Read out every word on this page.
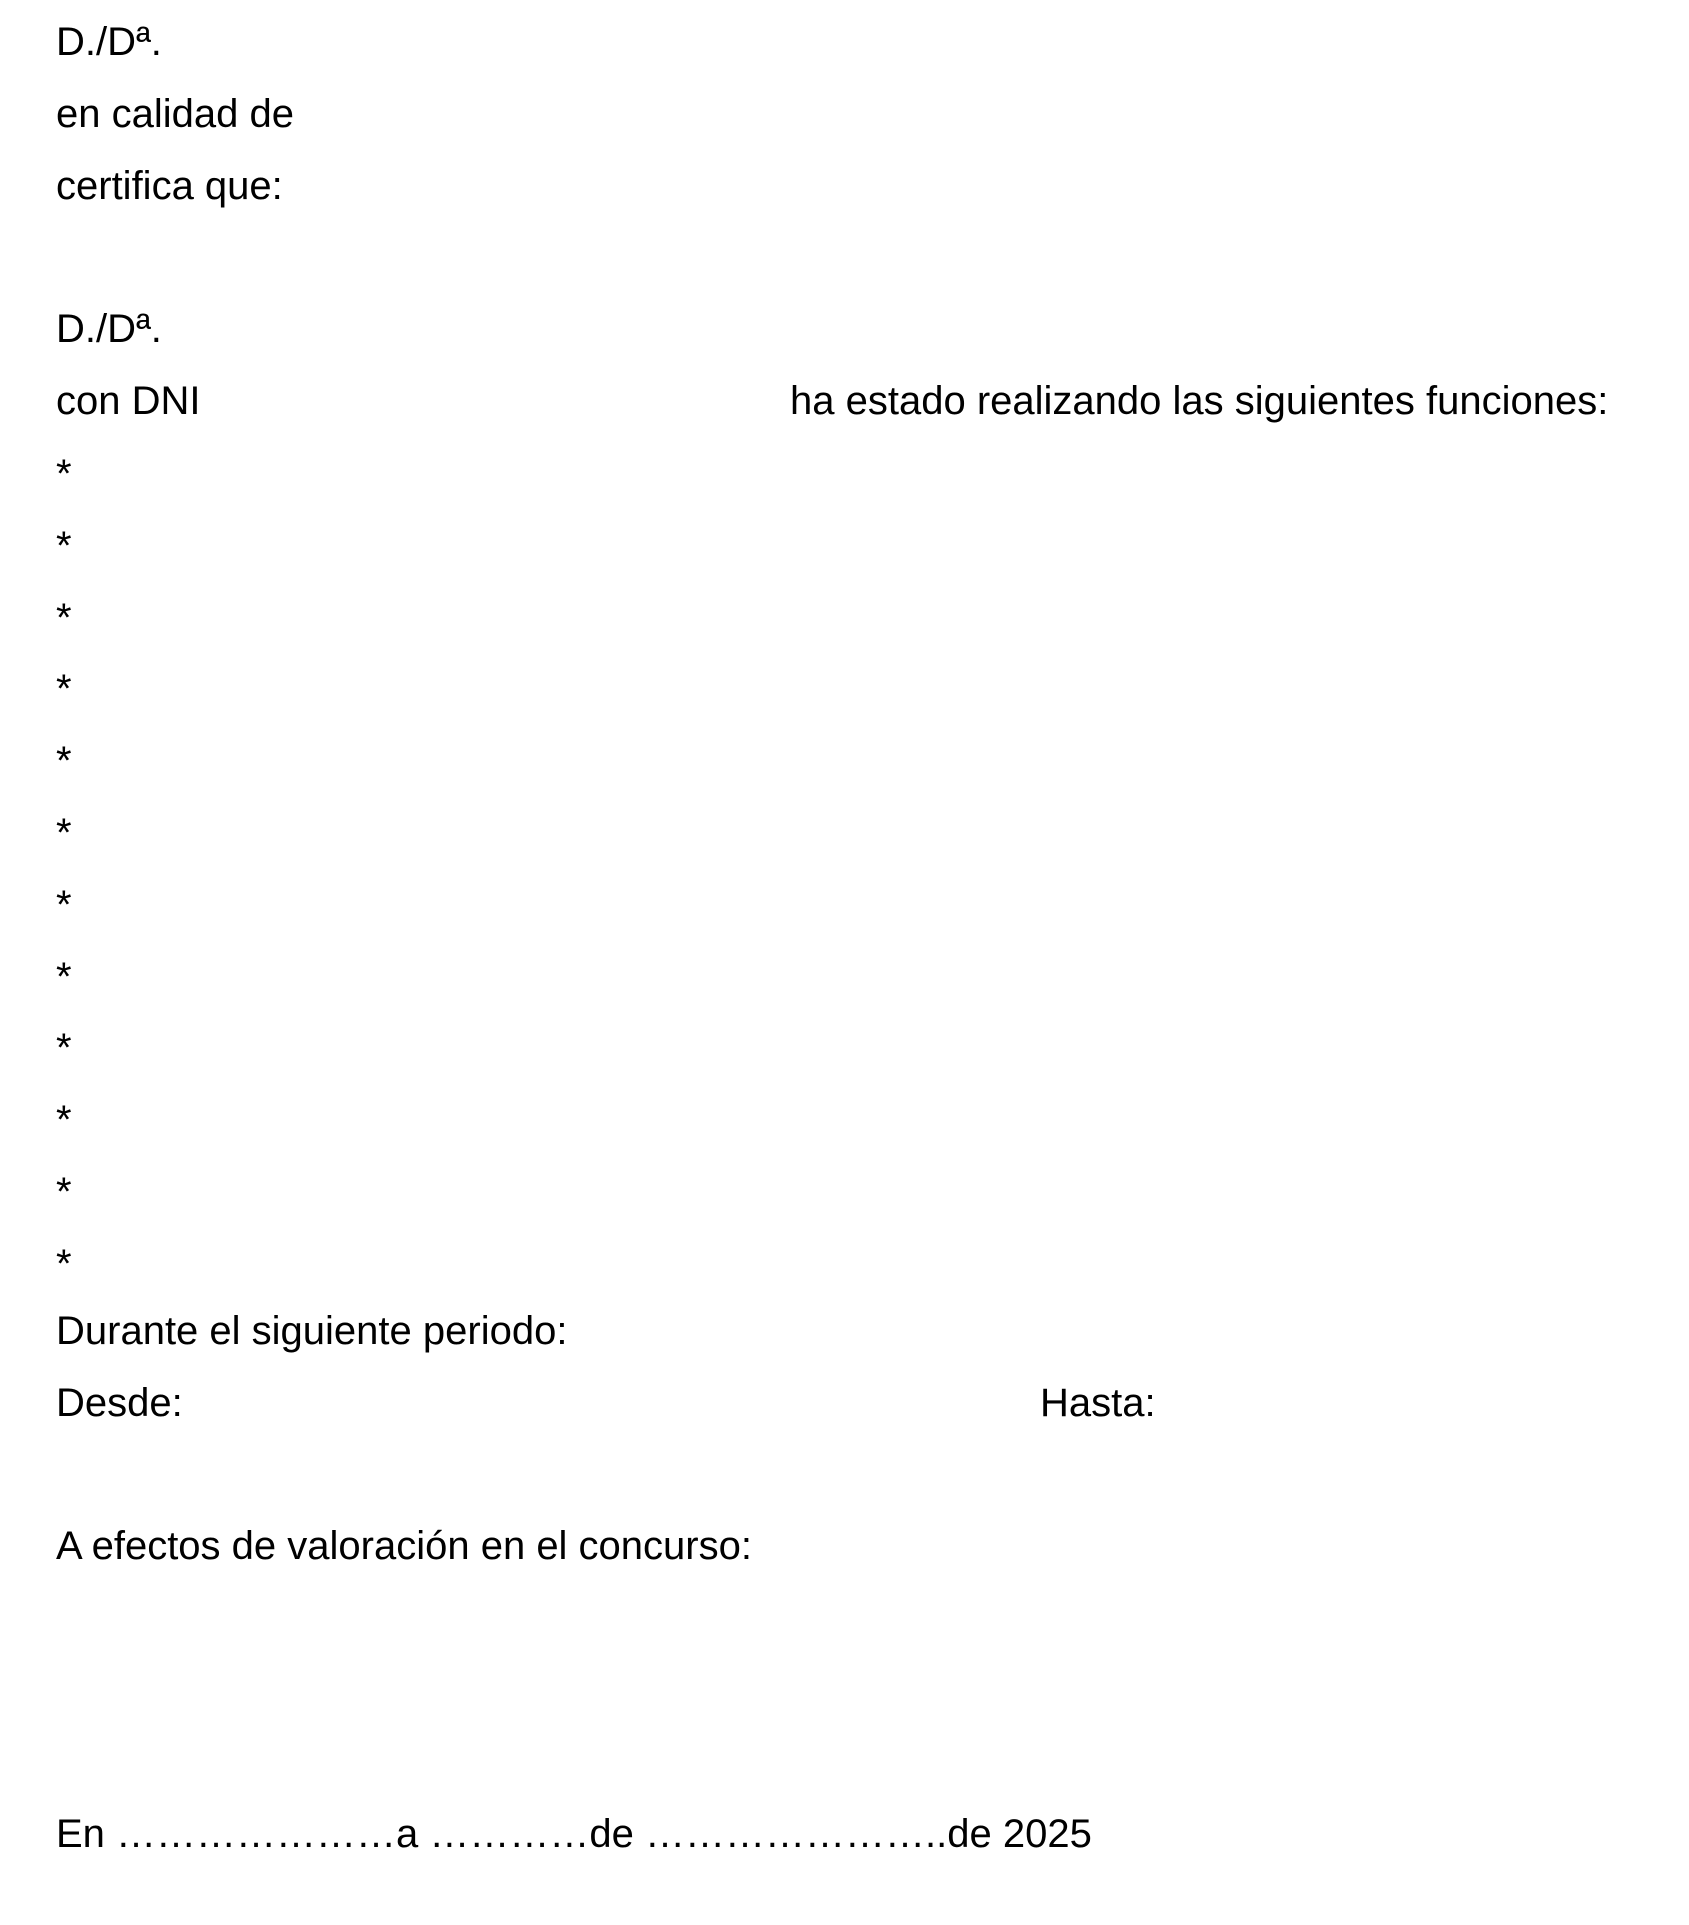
D./Dª.
en calidad de
certifica que:
D./Dª.
con DNI	ha estado realizando las siguientes funciones:
*
*
*
*
*
*
*
*
*
*
*
*
Durante el siguiente periodo:
Desde:	Hasta:
A efectos de valoración en el concurso:
En …………………a …………de …………………..de 2025
